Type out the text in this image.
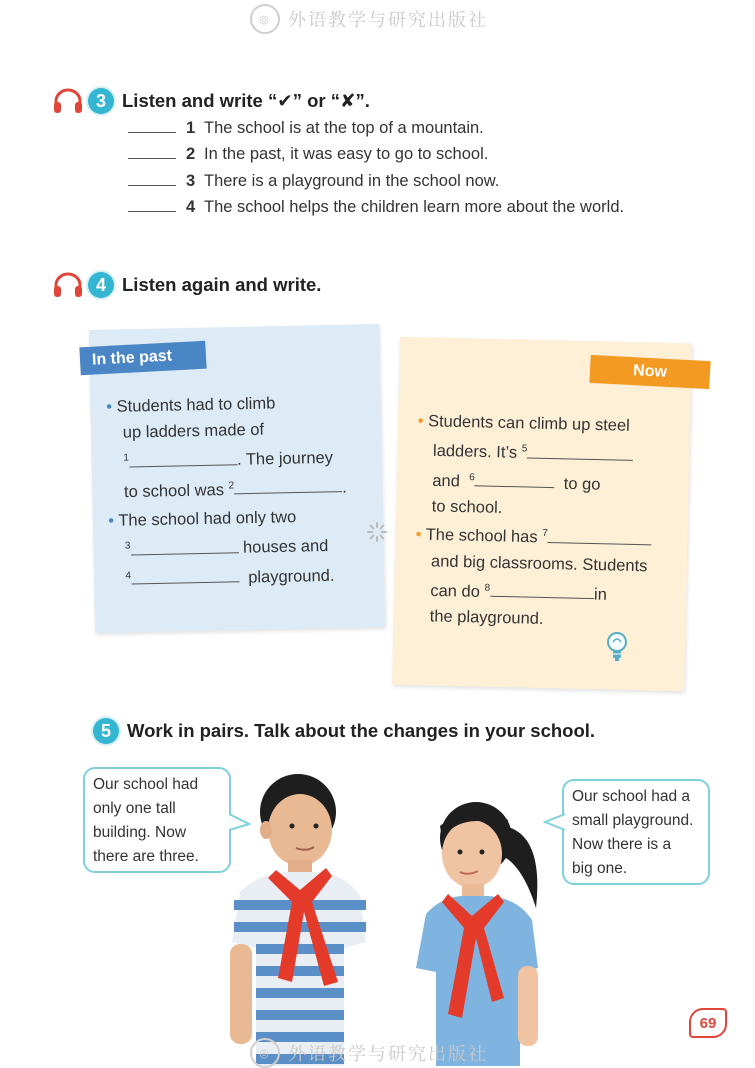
◎ 外语教学与研究出版社
3 Listen and write “✔” or “✘”.
1 The school is at the top of a mountain.
2 In the past, it was easy to go to school.
3 There is a playground in the school now.
4 The school helps the children learn more about the world.
4 Listen again and write.
In the past
Now
• Students had to climb
up ladders made of
$^1$	. The journey
to school was $^2$	.
• The school had only two
$^3$	houses and
$^4$	playground.
• Students can climb up steel
ladders. It’s $^5$
and $^6$	to go
to school.
• The school has $^7$
and big classrooms. Students
can do $^8$	in
the playground.
5 Work in pairs. Talk about the changes in your school.
Our school had
only one tall
building. Now
there are three.
Our school had a
small playground.
Now there is a
big one.
◎ 外语教学与研究出版社
69
